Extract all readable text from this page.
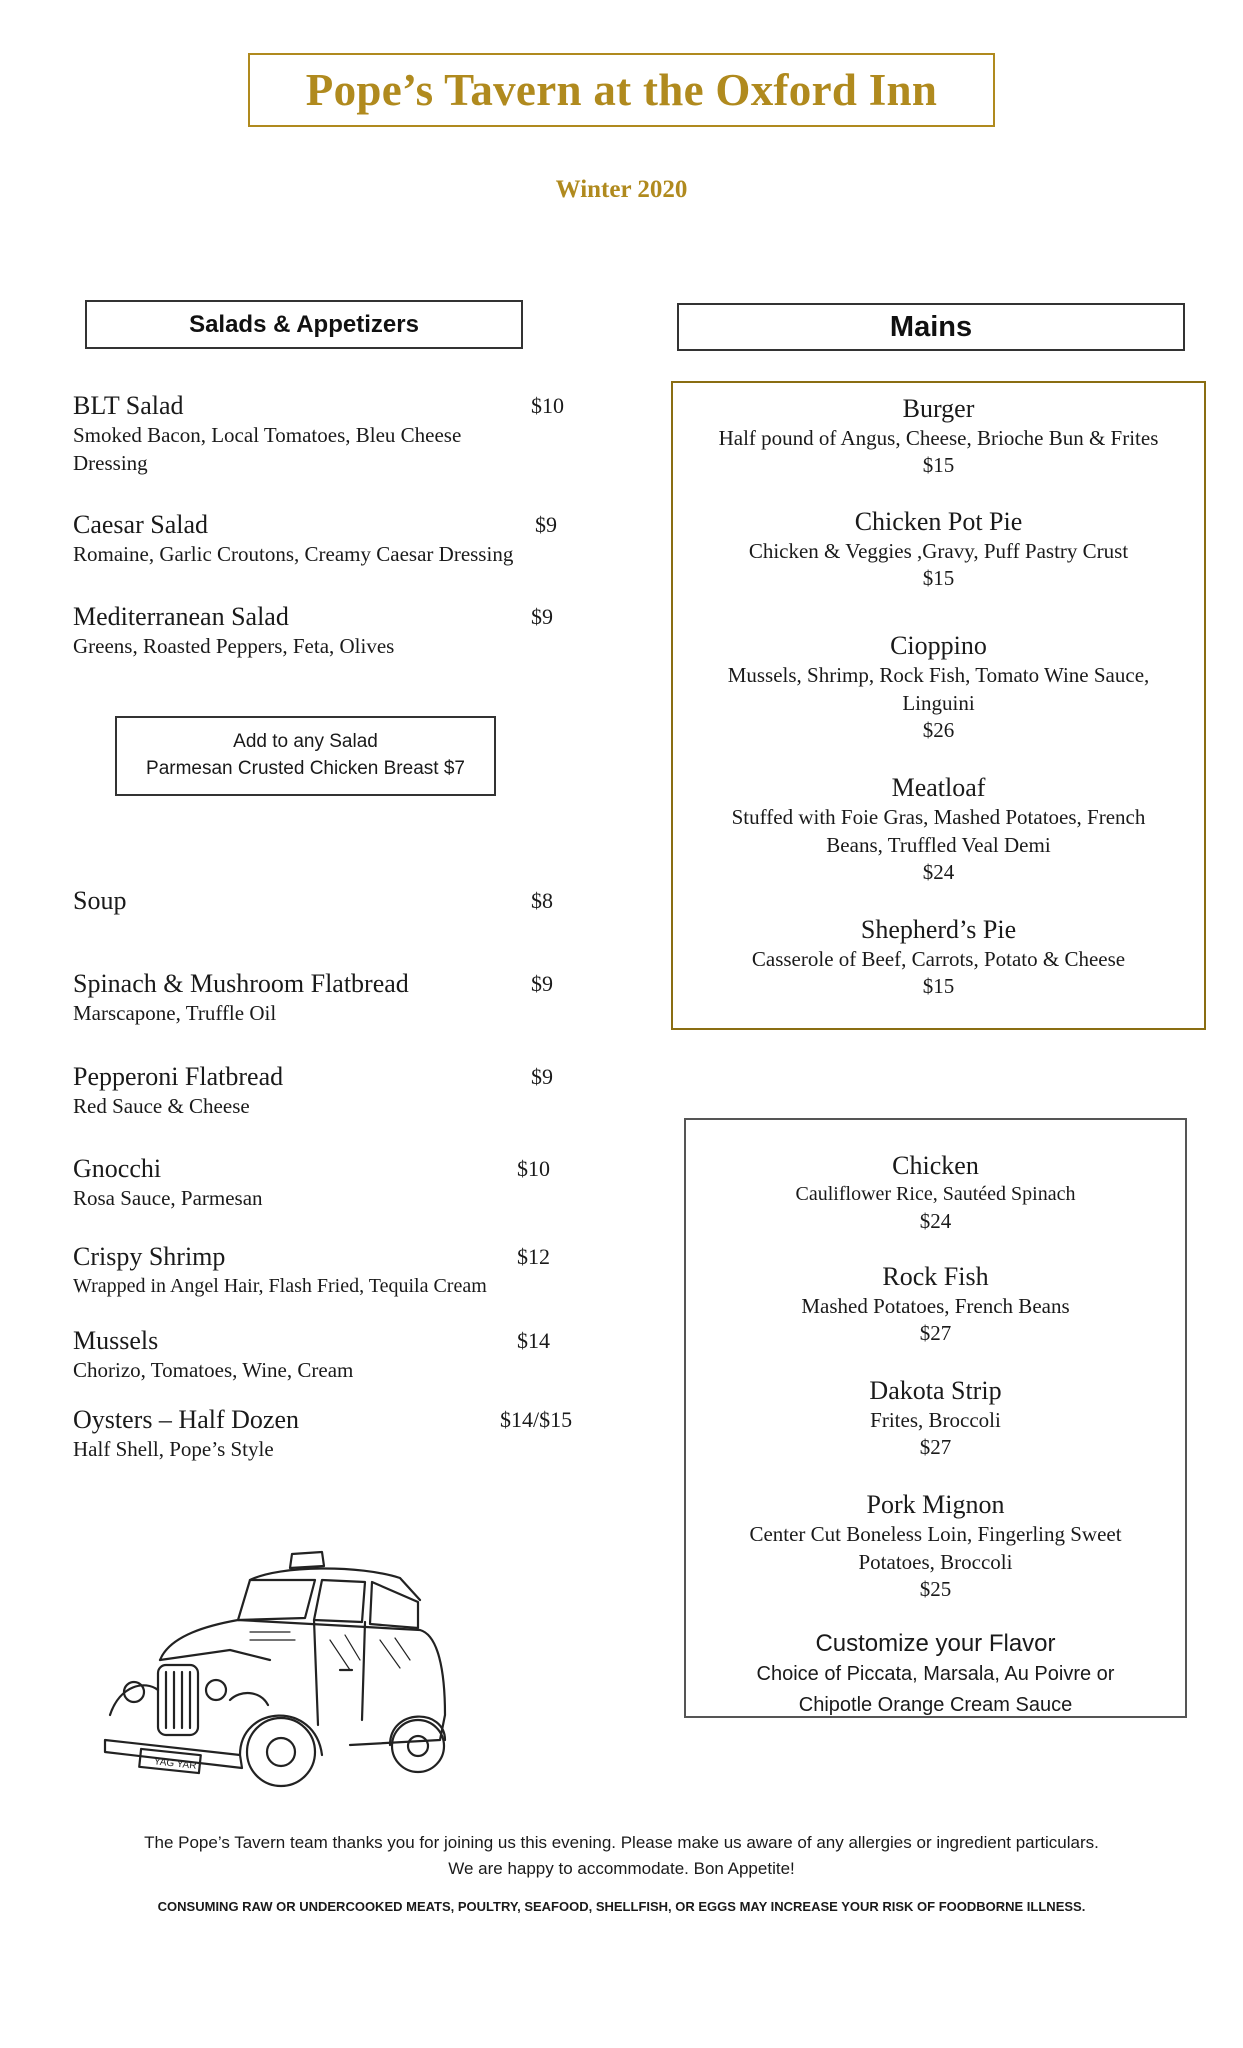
Pope’s Tavern at the Oxford Inn
Winter 2020
Salads & Appetizers	Mains
BLT Salad	$10
Smoked Bacon, Local Tomatoes, Bleu Cheese Dressing
Caesar Salad	$9
Romaine, Garlic Croutons, Creamy Caesar Dressing
Mediterranean Salad	$9
Greens, Roasted Peppers, Feta, Olives
Add to any Salad
Parmesan Crusted Chicken Breast $7
Soup	$8
Spinach & Mushroom Flatbread	$9
Marscapone, Truffle Oil
Pepperoni Flatbread	$9
Red Sauce & Cheese
Gnocchi	$10
Rosa Sauce, Parmesan
Crispy Shrimp	$12
Wrapped in Angel Hair, Flash Fried, Tequila Cream
Mussels	$14
Chorizo, Tomatoes, Wine, Cream
Oysters – Half Dozen	$14/$15
Half Shell, Pope’s Style
Burger
Half pound of Angus, Cheese, Brioche Bun & Frites
$15
Chicken Pot Pie
Chicken & Veggies ,Gravy, Puff Pastry Crust
$15
Cioppino
Mussels, Shrimp, Rock Fish, Tomato Wine Sauce, Linguini
$26
Meatloaf
Stuffed with Foie Gras, Mashed Potatoes, French Beans, Truffled Veal Demi
$24
Shepherd’s Pie
Casserole of Beef, Carrots, Potato & Cheese
$15
Chicken
Cauliflower Rice, Sautéed Spinach
$24
Rock Fish
Mashed Potatoes, French Beans
$27
Dakota Strip
Frites, Broccoli
$27
Pork Mignon
Center Cut Boneless Loin, Fingerling Sweet Potatoes, Broccoli
$25
Customize your Flavor
Choice of Piccata, Marsala, Au Poivre or Chipotle Orange Cream Sauce
YAG YAR
The Pope’s Tavern team thanks you for joining us this evening. Please make us aware of any allergies or ingredient particulars.
We are happy to accommodate. Bon Appetite!
CONSUMING RAW OR UNDERCOOKED MEATS, POULTRY, SEAFOOD, SHELLFISH, OR EGGS MAY INCREASE YOUR RISK OF FOODBORNE ILLNESS.
